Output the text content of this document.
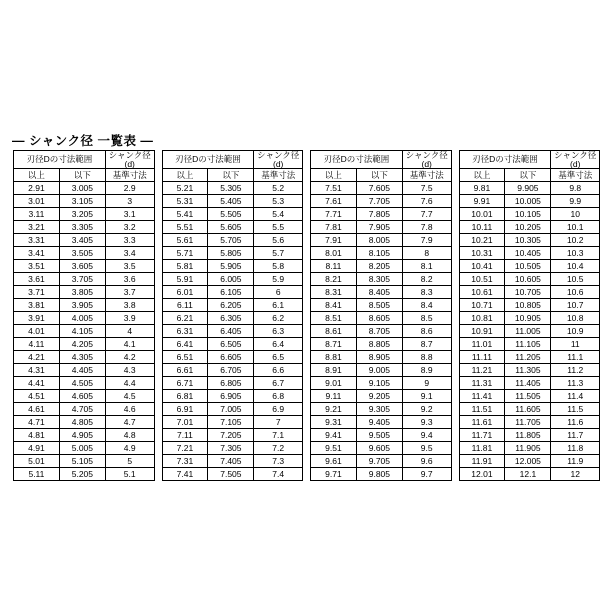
― シャンク径 一覧表 ―
刃径Dの寸法範囲		シャンク径 (d)
以上	以下	基準寸法
2.91	3.005	2.9
3.01	3.105	3
3.11	3.205	3.1
3.21	3.305	3.2
3.31	3.405	3.3
3.41	3.505	3.4
3.51	3.605	3.5
3.61	3.705	3.6
3.71	3.805	3.7
3.81	3.905	3.8
3.91	4.005	3.9
4.01	4.105	4
4.11	4.205	4.1
4.21	4.305	4.2
4.31	4.405	4.3
4.41	4.505	4.4
4.51	4.605	4.5
4.61	4.705	4.6
4.71	4.805	4.7
4.81	4.905	4.8
4.91	5.005	4.9
5.01	5.105	5
5.11	5.205	5.1
刃径Dの寸法範囲		シャンク径 (d)
以上	以下	基準寸法
5.21	5.305	5.2
5.31	5.405	5.3
5.41	5.505	5.4
5.51	5.605	5.5
5.61	5.705	5.6
5.71	5.805	5.7
5.81	5.905	5.8
5.91	6.005	5.9
6.01	6.105	6
6.11	6.205	6.1
6.21	6.305	6.2
6.31	6.405	6.3
6.41	6.505	6.4
6.51	6.605	6.5
6.61	6.705	6.6
6.71	6.805	6.7
6.81	6.905	6.8
6.91	7.005	6.9
7.01	7.105	7
7.11	7.205	7.1
7.21	7.305	7.2
7.31	7.405	7.3
7.41	7.505	7.4
刃径Dの寸法範囲		シャンク径 (d)
以上	以下	基準寸法
7.51	7.605	7.5
7.61	7.705	7.6
7.71	7.805	7.7
7.81	7.905	7.8
7.91	8.005	7.9
8.01	8.105	8
8.11	8.205	8.1
8.21	8.305	8.2
8.31	8.405	8.3
8.41	8.505	8.4
8.51	8.605	8.5
8.61	8.705	8.6
8.71	8.805	8.7
8.81	8.905	8.8
8.91	9.005	8.9
9.01	9.105	9
9.11	9.205	9.1
9.21	9.305	9.2
9.31	9.405	9.3
9.41	9.505	9.4
9.51	9.605	9.5
9.61	9.705	9.6
9.71	9.805	9.7
刃径Dの寸法範囲		シャンク径 (d)
以上	以下	基準寸法
9.81	9.905	9.8
9.91	10.005	9.9
10.01	10.105	10
10.11	10.205	10.1
10.21	10.305	10.2
10.31	10.405	10.3
10.41	10.505	10.4
10.51	10.605	10.5
10.61	10.705	10.6
10.71	10.805	10.7
10.81	10.905	10.8
10.91	11.005	10.9
11.01	11.105	11
11.11	11.205	11.1
11.21	11.305	11.2
11.31	11.405	11.3
11.41	11.505	11.4
11.51	11.605	11.5
11.61	11.705	11.6
11.71	11.805	11.7
11.81	11.905	11.8
11.91	12.005	11.9
12.01	12.1	12
